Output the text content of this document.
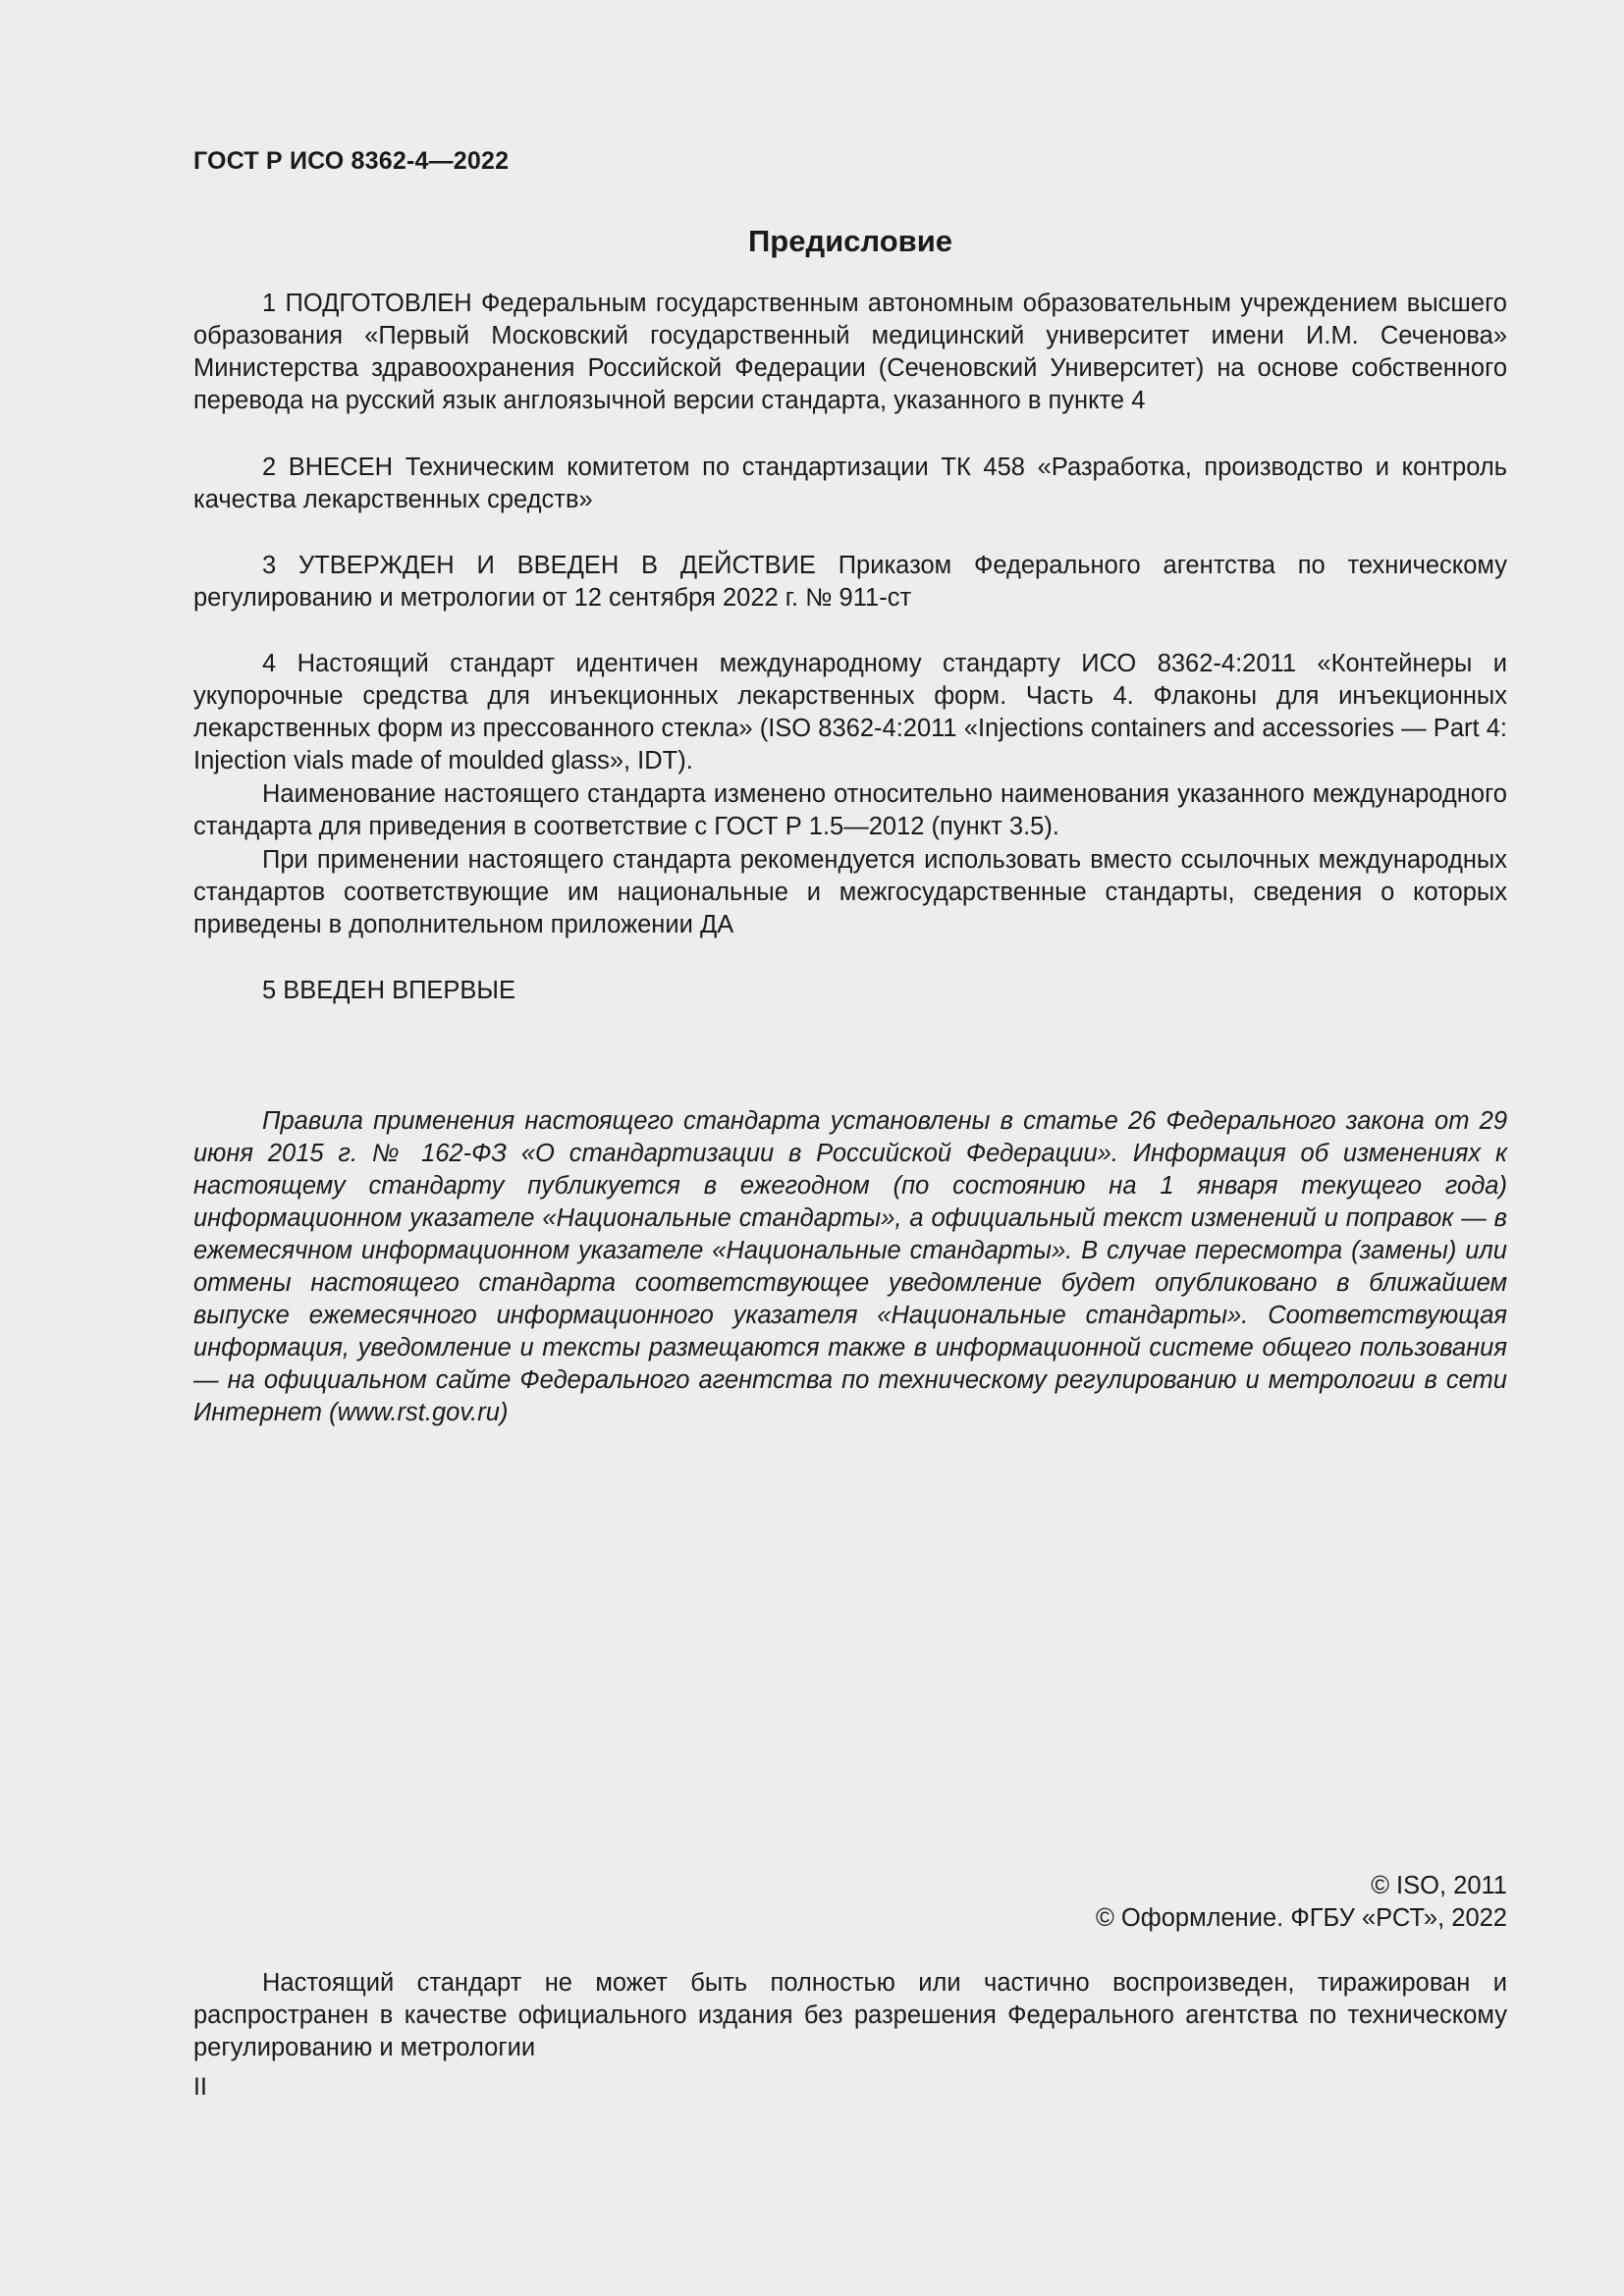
ГОСТ Р ИСО 8362-4—2022
Предисловие

1 ПОДГОТОВЛЕН Федеральным государственным автономным образовательным учреждением высшего образования «Первый Московский государственный медицинский университет имени И.М. Сеченова» Министерства здравоохранения Российской Федерации (Сеченовский Университет) на основе собственного перевода на русский язык англоязычной версии стандарта, указанного в пункте 4

2 ВНЕСЕН Техническим комитетом по стандартизации ТК 458 «Разработка, производство и контроль качества лекарственных средств»

3 УТВЕРЖДЕН И ВВЕДЕН В ДЕЙСТВИЕ Приказом Федерального агентства по техническому регулированию и метрологии от 12 сентября 2022 г. № 911-ст

4 Настоящий стандарт идентичен международному стандарту ИСО 8362-4:2011 «Контейнеры и укупорочные средства для инъекционных лекарственных форм. Часть 4. Флаконы для инъекционных лекарственных форм из прессованного стекла» (ISO 8362-4:2011 «Injections containers and accessories — Part 4: Injection vials made of moulded glass», IDT).

Наименование настоящего стандарта изменено относительно наименования указанного международного стандарта для приведения в соответствие с ГОСТ Р 1.5—2012 (пункт 3.5).

При применении настоящего стандарта рекомендуется использовать вместо ссылочных международных стандартов соответствующие им национальные и межгосударственные стандарты, сведения о которых приведены в дополнительном приложении ДА

5 ВВЕДЕН ВПЕРВЫЕ

Правила применения настоящего стандарта установлены в статье 26 Федерального закона от 29 июня 2015 г. № 162-ФЗ «О стандартизации в Российской Федерации». Информация об изменениях к настоящему стандарту публикуется в ежегодном (по состоянию на 1 января текущего года) информационном указателе «Национальные стандарты», а официальный текст изменений и поправок — в ежемесячном информационном указателе «Национальные стандарты». В случае пересмотра (замены) или отмены настоящего стандарта соответствующее уведомление будет опубликовано в ближайшем выпуске ежемесячного информационного указателя «Национальные стандарты». Соответствующая информация, уведомление и тексты размещаются также в информационной системе общего пользования — на официальном сайте Федерального агентства по техническому регулированию и метрологии в сети Интернет (www.rst.gov.ru)

© ISO, 2011
© Оформление. ФГБУ «РСТ», 2022

Настоящий стандарт не может быть полностью или частично воспроизведен, тиражирован и распространен в качестве официального издания без разрешения Федерального агентства по техническому регулированию и метрологии

II
